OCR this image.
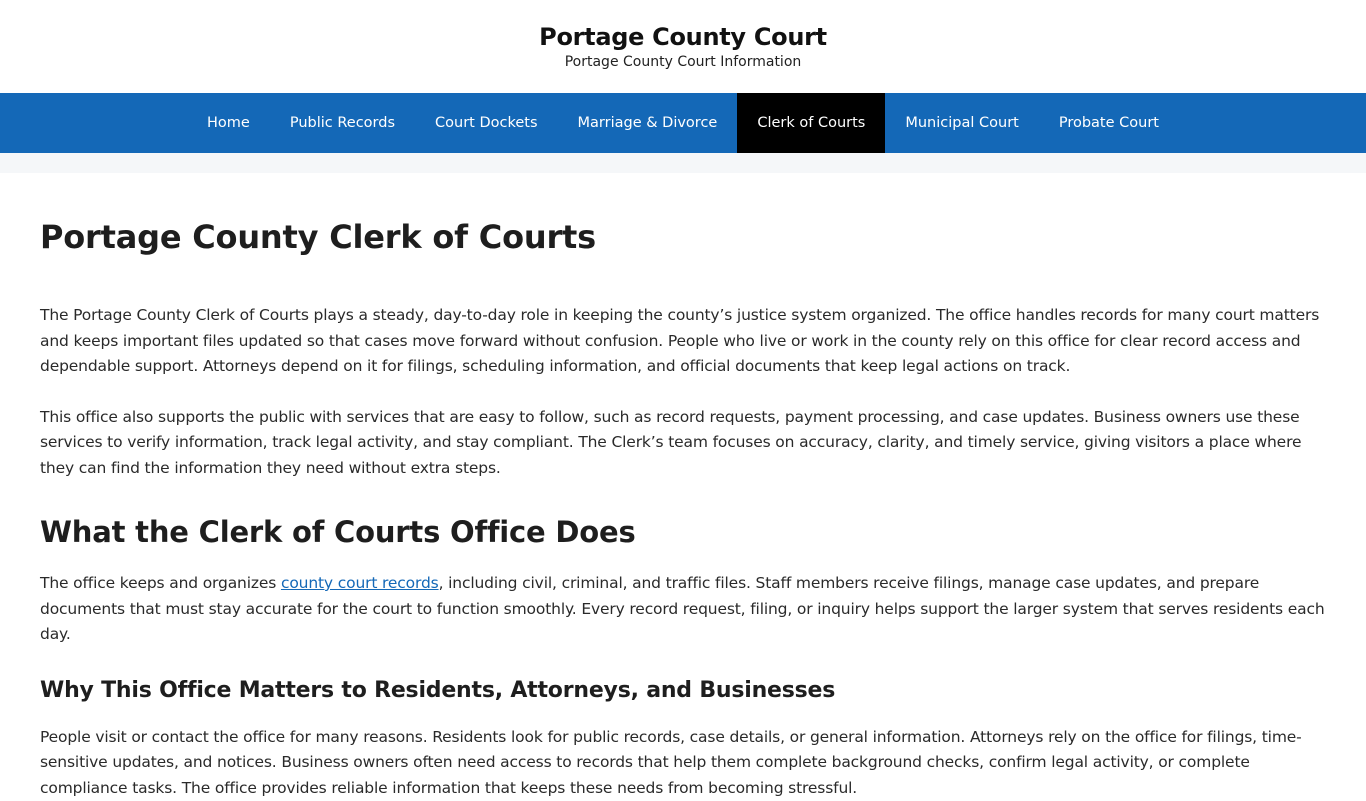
Portage County Court
Portage County Court Information
Home	Public Records	Court Dockets	Marriage & Divorce	Clerk of Courts	Municipal Court	Probate Court
Portage County Clerk of Courts

The Portage County Clerk of Courts plays a steady, day-to-day role in keeping the county’s justice system organized. The office handles records for many court matters and keeps important files updated so that cases move forward without confusion. People who live or work in the county rely on this office for clear record access and dependable support. Attorneys depend on it for filings, scheduling information, and official documents that keep legal actions on track.

This office also supports the public with services that are easy to follow, such as record requests, payment processing, and case updates. Business owners use these services to verify information, track legal activity, and stay compliant. The Clerk’s team focuses on accuracy, clarity, and timely service, giving visitors a place where they can find the information they need without extra steps.

What the Clerk of Courts Office Does

The office keeps and organizes county court records, including civil, criminal, and traffic files. Staff members receive filings, manage case updates, and prepare documents that must stay accurate for the court to function smoothly. Every record request, filing, or inquiry helps support the larger system that serves residents each day.

Why This Office Matters to Residents, Attorneys, and Businesses

People visit or contact the office for many reasons. Residents look for public records, case details, or general information. Attorneys rely on the office for filings, time-sensitive updates, and notices. Business owners often need access to records that help them complete background checks, confirm legal activity, or complete compliance tasks. The office provides reliable information that keeps these needs from becoming stressful.
